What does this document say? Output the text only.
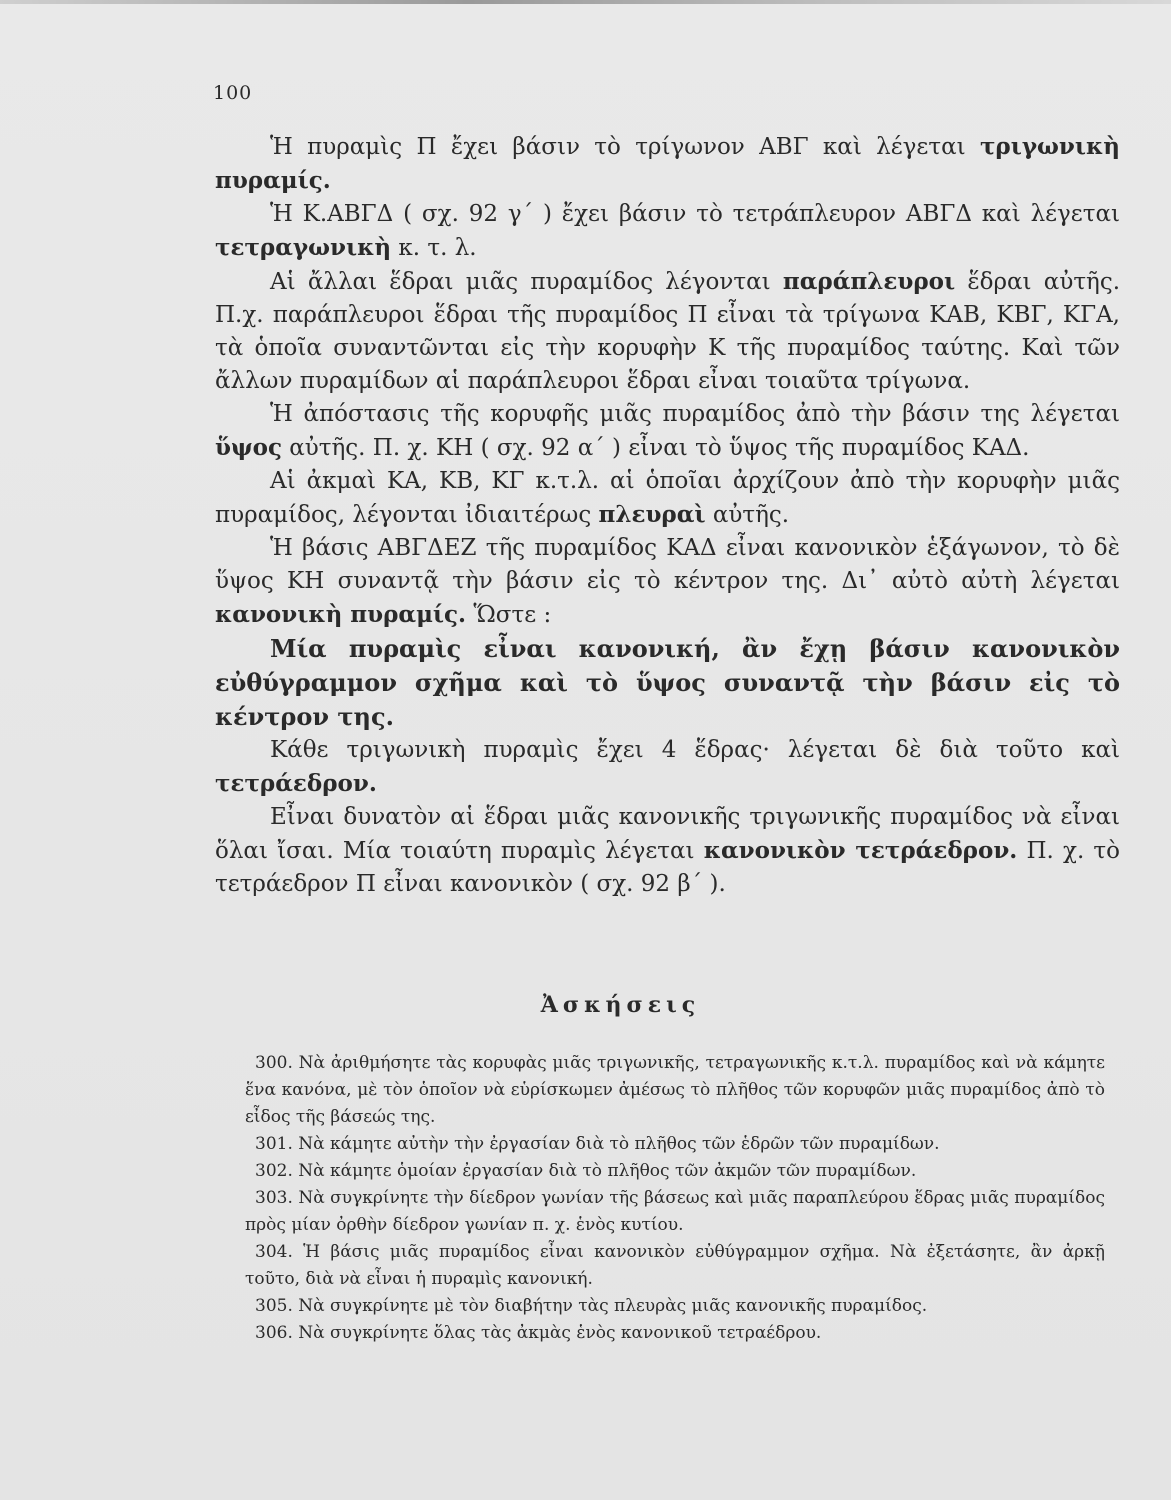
100

Ἡ πυραμὶς Π ἔχει βάσιν τὸ τρίγωνον ΑΒΓ καὶ λέγεται τριγωνικὴ πυραμίς.

Ἡ Κ.ΑΒΓΔ ( σχ. 92 γ΄ ) ἔχει βάσιν τὸ τετράπλευρον ΑΒΓΔ καὶ λέγεται τετραγωνικὴ κ. τ. λ.

Αἱ ἄλλαι ἕδραι μιᾶς πυραμίδος λέγονται παράπλευροι ἕδραι αὐτῆς. Π.χ. παράπλευροι ἕδραι τῆς πυραμίδος Π εἶναι τὰ τρίγωνα ΚΑΒ, ΚΒΓ, ΚΓΑ, τὰ ὁποῖα συναντῶνται εἰς τὴν κορυφὴν Κ τῆς πυραμίδος ταύτης. Καὶ τῶν ἄλλων πυραμίδων αἱ παράπλευροι ἕδραι εἶναι τοιαῦτα τρίγωνα.

Ἡ ἀπόστασις τῆς κορυφῆς μιᾶς πυραμίδος ἀπὸ τὴν βάσιν της λέγεται ὕψος αὐτῆς. Π. χ. ΚΗ ( σχ. 92 α΄ ) εἶναι τὸ ὕψος τῆς πυραμίδος ΚΑΔ.

Αἱ ἀκμαὶ ΚΑ, ΚΒ, ΚΓ κ.τ.λ. αἱ ὁποῖαι ἀρχίζουν ἀπὸ τὴν κορυφὴν μιᾶς πυραμίδος, λέγονται ἰδιαιτέρως πλευραὶ αὐτῆς.

Ἡ βάσις ΑΒΓΔΕΖ τῆς πυραμίδος ΚΑΔ εἶναι κανονικὸν ἑξάγωνον, τὸ δὲ ὕψος ΚΗ συναντᾷ τὴν βάσιν εἰς τὸ κέντρον της. Δι᾽ αὐτὸ αὐτὴ λέγεται κανονικὴ πυραμίς. Ὥστε :

Μία πυραμὶς εἶναι κανονική, ἂν ἔχῃ βάσιν κανονικὸν εὐθύγραμμον σχῆμα καὶ τὸ ὕψος συναντᾷ τὴν βάσιν εἰς τὸ κέντρον της.

Κάθε τριγωνικὴ πυραμὶς ἔχει 4 ἕδρας· λέγεται δὲ διὰ τοῦτο καὶ τετράεδρον.

Εἶναι δυνατὸν αἱ ἕδραι μιᾶς κανονικῆς τριγωνικῆς πυραμίδος νὰ εἶναι ὅλαι ἴσαι. Μία τοιαύτη πυραμὶς λέγεται κανονικὸν τετράεδρον. Π. χ. τὸ τετράεδρον Π εἶναι κανονικὸν ( σχ. 92 β΄ ).

Ἀσκήσεις

300. Νὰ ἀριθμήσητε τὰς κορυφὰς μιᾶς τριγωνικῆς, τετραγωνικῆς κ.τ.λ. πυραμίδος καὶ νὰ κάμητε ἕνα κανόνα, μὲ τὸν ὁποῖον νὰ εὑρίσκωμεν ἀμέσως τὸ πλῆθος τῶν κορυφῶν μιᾶς πυραμίδος ἀπὸ τὸ εἶδος τῆς βάσεώς της.

301. Νὰ κάμητε αὐτὴν τὴν ἐργασίαν διὰ τὸ πλῆθος τῶν ἑδρῶν τῶν πυραμίδων.

302. Νὰ κάμητε ὁμοίαν ἐργασίαν διὰ τὸ πλῆθος τῶν ἀκμῶν τῶν πυραμίδων.

303. Νὰ συγκρίνητε τὴν δίεδρον γωνίαν τῆς βάσεως καὶ μιᾶς παραπλεύρου ἕδρας μιᾶς πυραμίδος πρὸς μίαν ὀρθὴν δίεδρον γωνίαν π. χ. ἑνὸς κυτίου.

304. Ἡ βάσις μιᾶς πυραμίδος εἶναι κανονικὸν εὐθύγραμμον σχῆμα. Νὰ ἐξετάσητε, ἂν ἀρκῇ τοῦτο, διὰ νὰ εἶναι ἡ πυραμὶς κανονική.

305. Νὰ συγκρίνητε μὲ τὸν διαβήτην τὰς πλευρὰς μιᾶς κανονικῆς πυραμίδος.

306. Νὰ συγκρίνητε ὅλας τὰς ἀκμὰς ἑνὸς κανονικοῦ τετραέδρου.
